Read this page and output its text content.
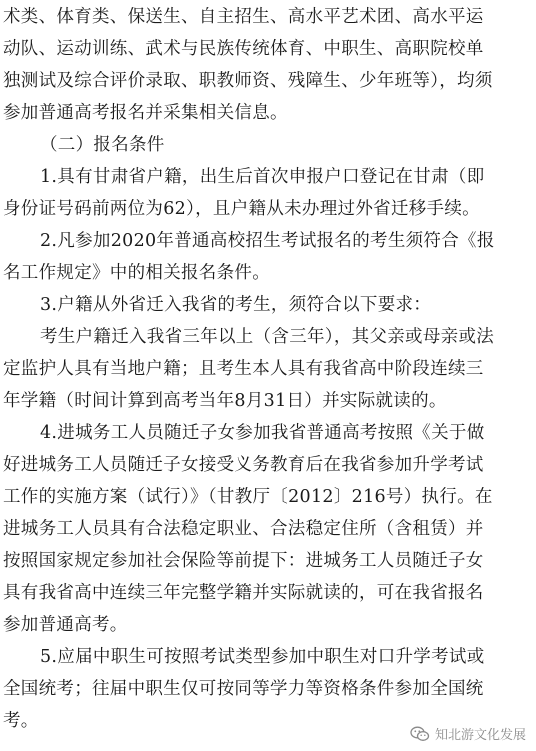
术类、体育类、保送生、自主招生、高水平艺术团、高水平运
动队、运动训练、武术与民族传统体育、中职生、高职院校单
独测试及综合评价录取、职教师资、残障生、少年班等），均须
参加普通高考报名并采集相关信息。
（二）报名条件
1.具有甘肃省户籍，出生后首次申报户口登记在甘肃（即
身份证号码前两位为62），且户籍从未办理过外省迁移手续。
2.凡参加2020年普通高校招生考试报名的考生须符合《报
名工作规定》中的相关报名条件。
3.户籍从外省迁入我省的考生，须符合以下要求：
考生户籍迁入我省三年以上（含三年），其父亲或母亲或法
定监护人具有当地户籍；且考生本人具有我省高中阶段连续三
年学籍（时间计算到高考当年8月31日）并实际就读的。
4.进城务工人员随迁子女参加我省普通高考按照《关于做
好进城务工人员随迁子女接受义务教育后在我省参加升学考试
工作的实施方案（试行）》（甘教厅〔2012〕216号）执行。在
进城务工人员具有合法稳定职业、合法稳定住所（含租赁）并
按照国家规定参加社会保险等前提下：进城务工人员随迁子女
具有我省高中连续三年完整学籍并实际就读的，可在我省报名
参加普通高考。
5.应届中职生可按照考试类型参加中职生对口升学考试或
全国统考；往届中职生仅可按同等学力等资格条件参加全国统
考。
知北游文化发展
